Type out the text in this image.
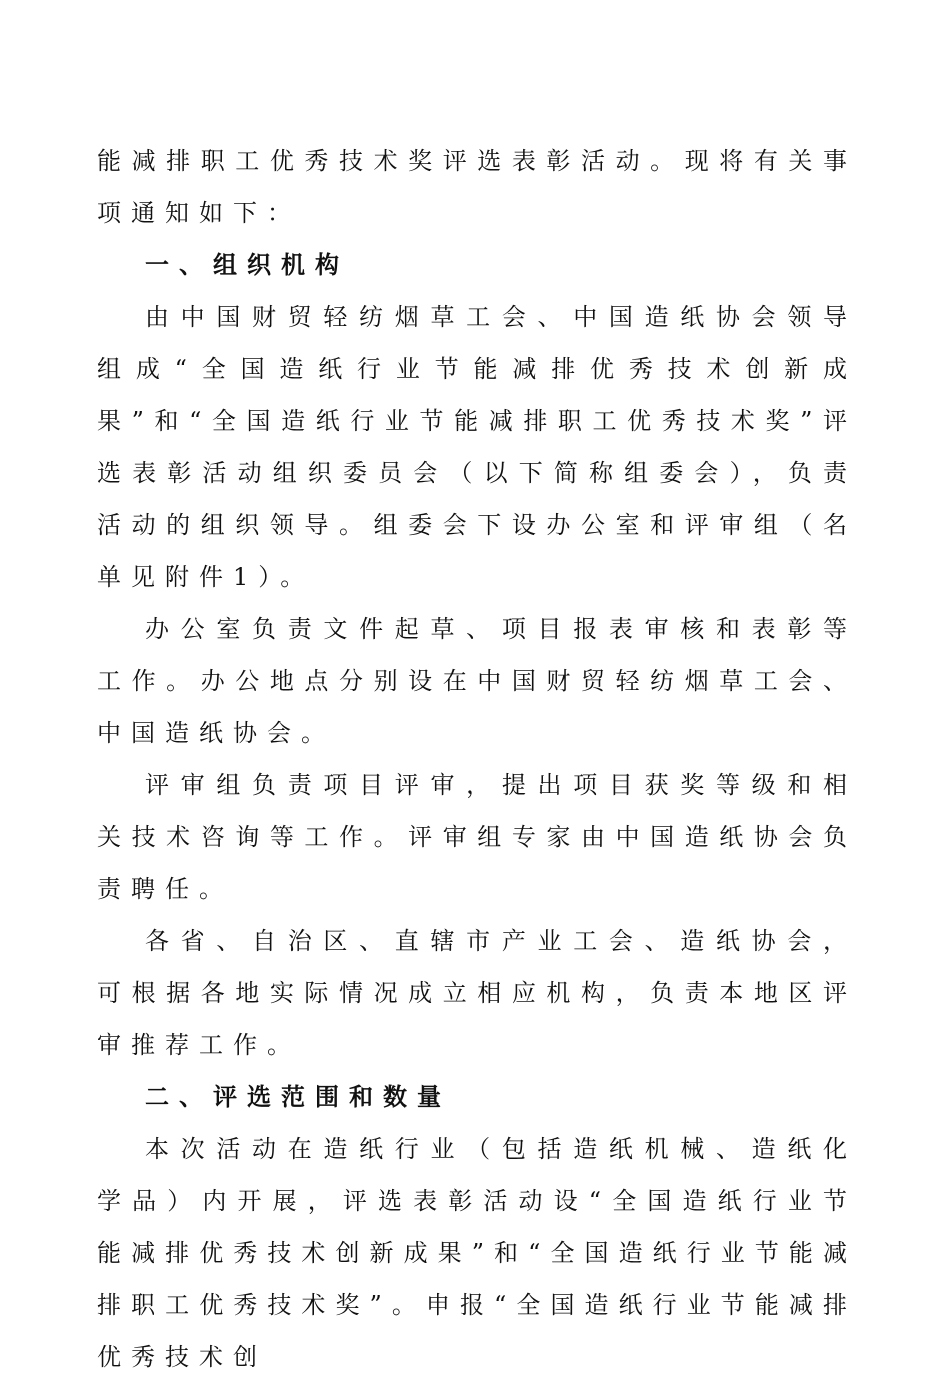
能减排职工优秀技术奖评选表彰活动。现将有关事项通知如下：

一、组织机构

由中国财贸轻纺烟草工会、中国造纸协会领导组成“全国造纸行业节能减排优秀技术创新成果”和“全国造纸行业节能减排职工优秀技术奖”评选表彰活动组织委员会（以下简称组委会），负责活动的组织领导。组委会下设办公室和评审组（名单见附件1）。

办公室负责文件起草、项目报表审核和表彰等工作。办公地点分别设在中国财贸轻纺烟草工会、中国造纸协会。

评审组负责项目评审，提出项目获奖等级和相关技术咨询等工作。评审组专家由中国造纸协会负责聘任。

各省、自治区、直辖市产业工会、造纸协会，可根据各地实际情况成立相应机构，负责本地区评审推荐工作。

二、评选范围和数量

本次活动在造纸行业（包括造纸机械、造纸化学品）内开展，评选表彰活动设“全国造纸行业节能减排优秀技术创新成果”和“全国造纸行业节能减排职工优秀技术奖”。申报“全国造纸行业节能减排优秀技术创
